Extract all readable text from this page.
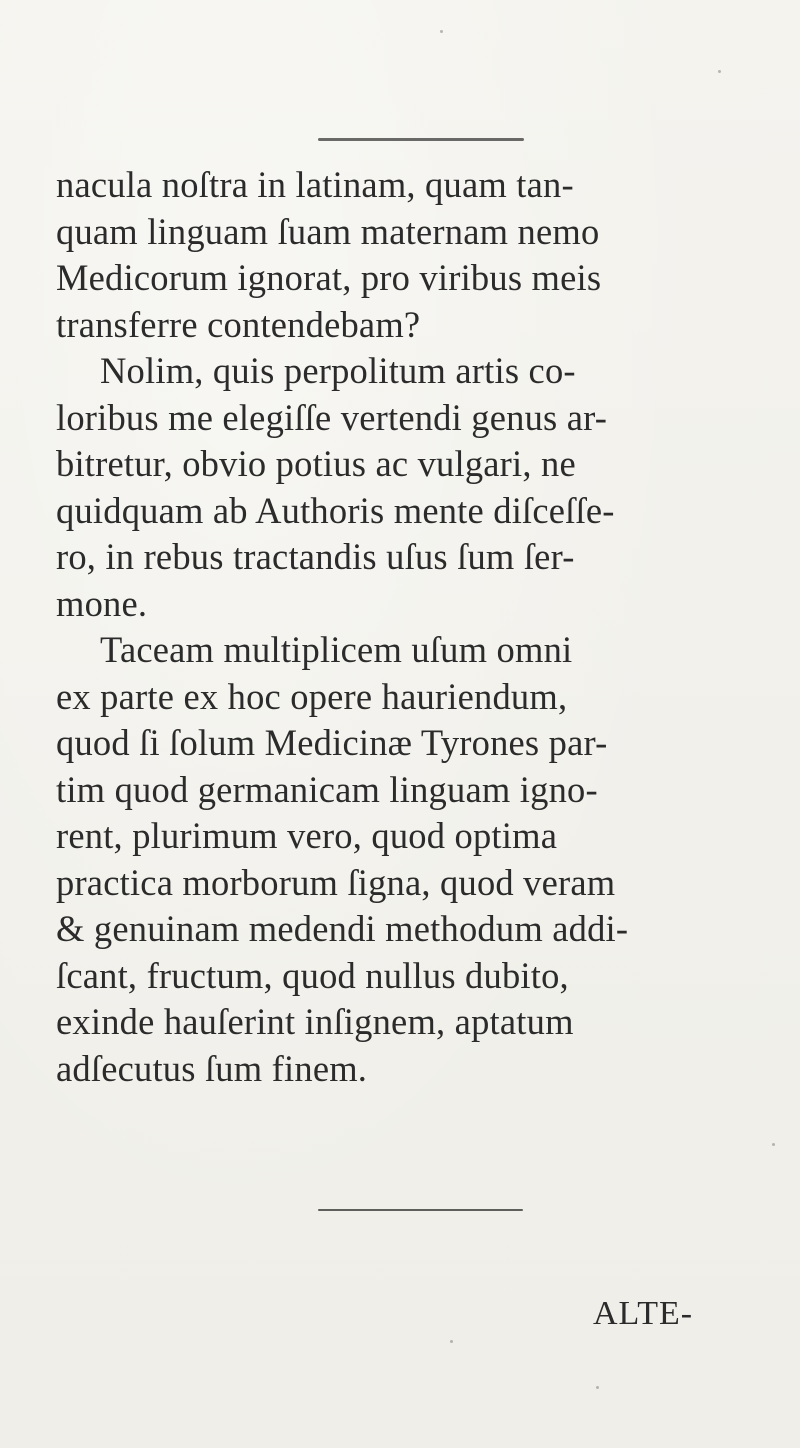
nacula noſtra in latinam, quam tan-
quam linguam ſuam maternam nemo
Medicorum ignorat, pro viribus meis
transferre contendebam?

Nolim, quis perpolitum artis co-
loribus me elegiſſe vertendi genus ar-
bitretur, obvio potius ac vulgari, ne
quidquam ab Authoris mente diſceſſe-
ro, in rebus tractandis uſus ſum ſer-
mone.

Taceam multiplicem uſum omni
ex parte ex hoc opere hauriendum,
quod ſi ſolum Medicinæ Tyrones par-
tim quod germanicam linguam igno-
rent, plurimum vero, quod optima
practica morborum ſigna, quod veram
& genuinam medendi methodum addi-
ſcant, fructum, quod nullus dubito,
exinde hauſerint inſignem, aptatum
adſecutus ſum finem.

ALTE-
